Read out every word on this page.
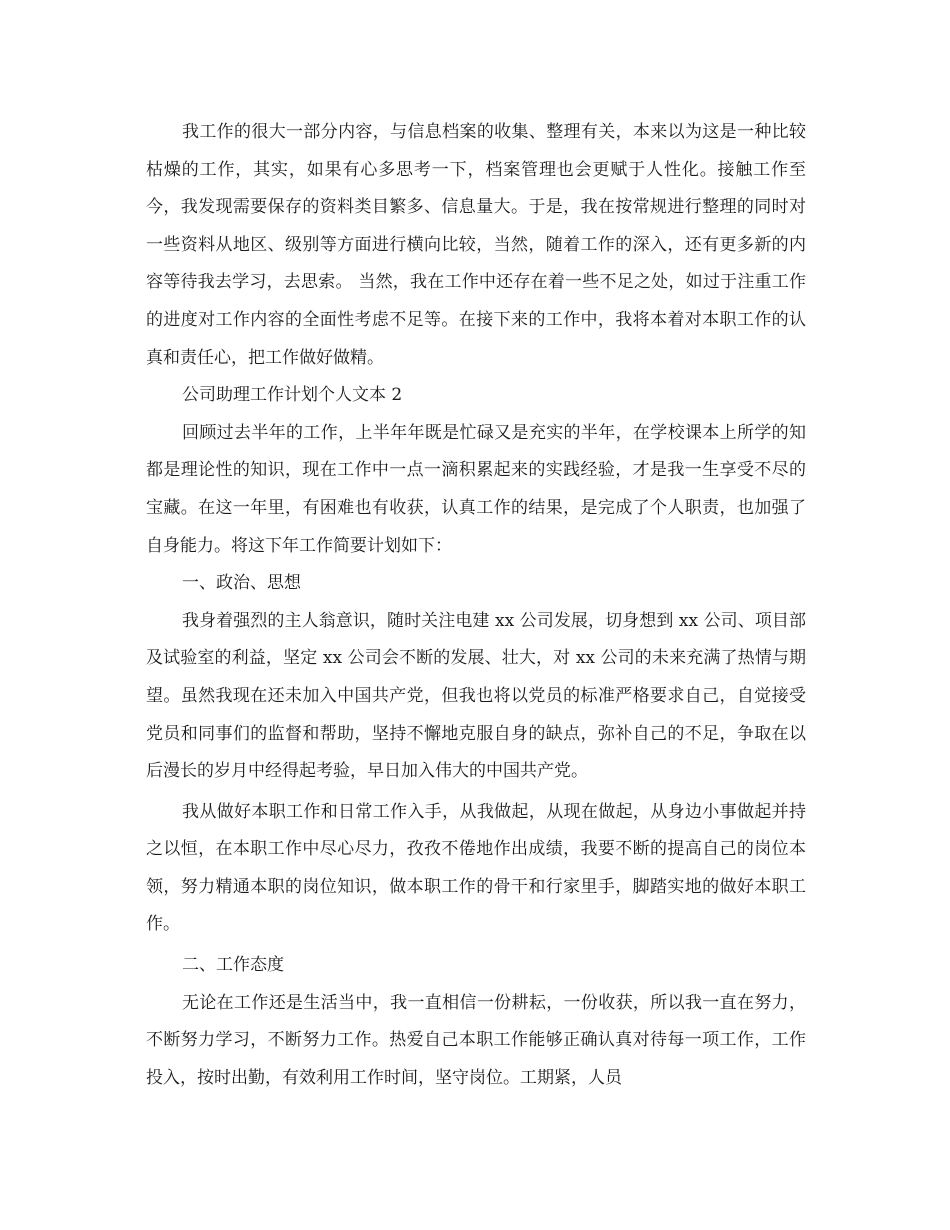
我工作的很大一部分内容，与信息档案的收集、整理有关，本来以为这是一种比较枯燥的工作，其实，如果有心多思考一下，档案管理也会更赋于人性化。接触工作至今，我发现需要保存的资料类目繁多、信息量大。于是，我在按常规进行整理的同时对一些资料从地区、级别等方面进行横向比较，当然，随着工作的深入，还有更多新的内容等待我去学习，去思索。 当然，我在工作中还存在着一些不足之处，如过于注重工作的进度对工作内容的全面性考虑不足等。在接下来的工作中，我将本着对本职工作的认真和责任心，把工作做好做精。

公司助理工作计划个人文本 2

回顾过去半年的工作，上半年年既是忙碌又是充实的半年，在学校课本上所学的知都是理论性的知识，现在工作中一点一滴积累起来的实践经验，才是我一生享受不尽的宝藏。在这一年里，有困难也有收获，认真工作的结果，是完成了个人职责，也加强了自身能力。将这下年工作简要计划如下：

一、政治、思想

我身着强烈的主人翁意识，随时关注电建 xx 公司发展，切身想到 xx 公司、项目部及试验室的利益，坚定 xx 公司会不断的发展、壮大，对 xx 公司的未来充满了热情与期望。虽然我现在还未加入中国共产党，但我也将以党员的标准严格要求自己，自觉接受党员和同事们的监督和帮助，坚持不懈地克服自身的缺点，弥补自己的不足，争取在以后漫长的岁月中经得起考验，早日加入伟大的中国共产党。

我从做好本职工作和日常工作入手，从我做起，从现在做起，从身边小事做起并持之以恒，在本职工作中尽心尽力，孜孜不倦地作出成绩，我要不断的提高自己的岗位本领，努力精通本职的岗位知识，做本职工作的骨干和行家里手，脚踏实地的做好本职工作。

二、工作态度

无论在工作还是生活当中，我一直相信一份耕耘，一份收获，所以我一直在努力，不断努力学习，不断努力工作。热爱自己本职工作能够正确认真对待每一项工作，工作投入，按时出勤，有效利用工作时间，坚守岗位。工期紧，人员
